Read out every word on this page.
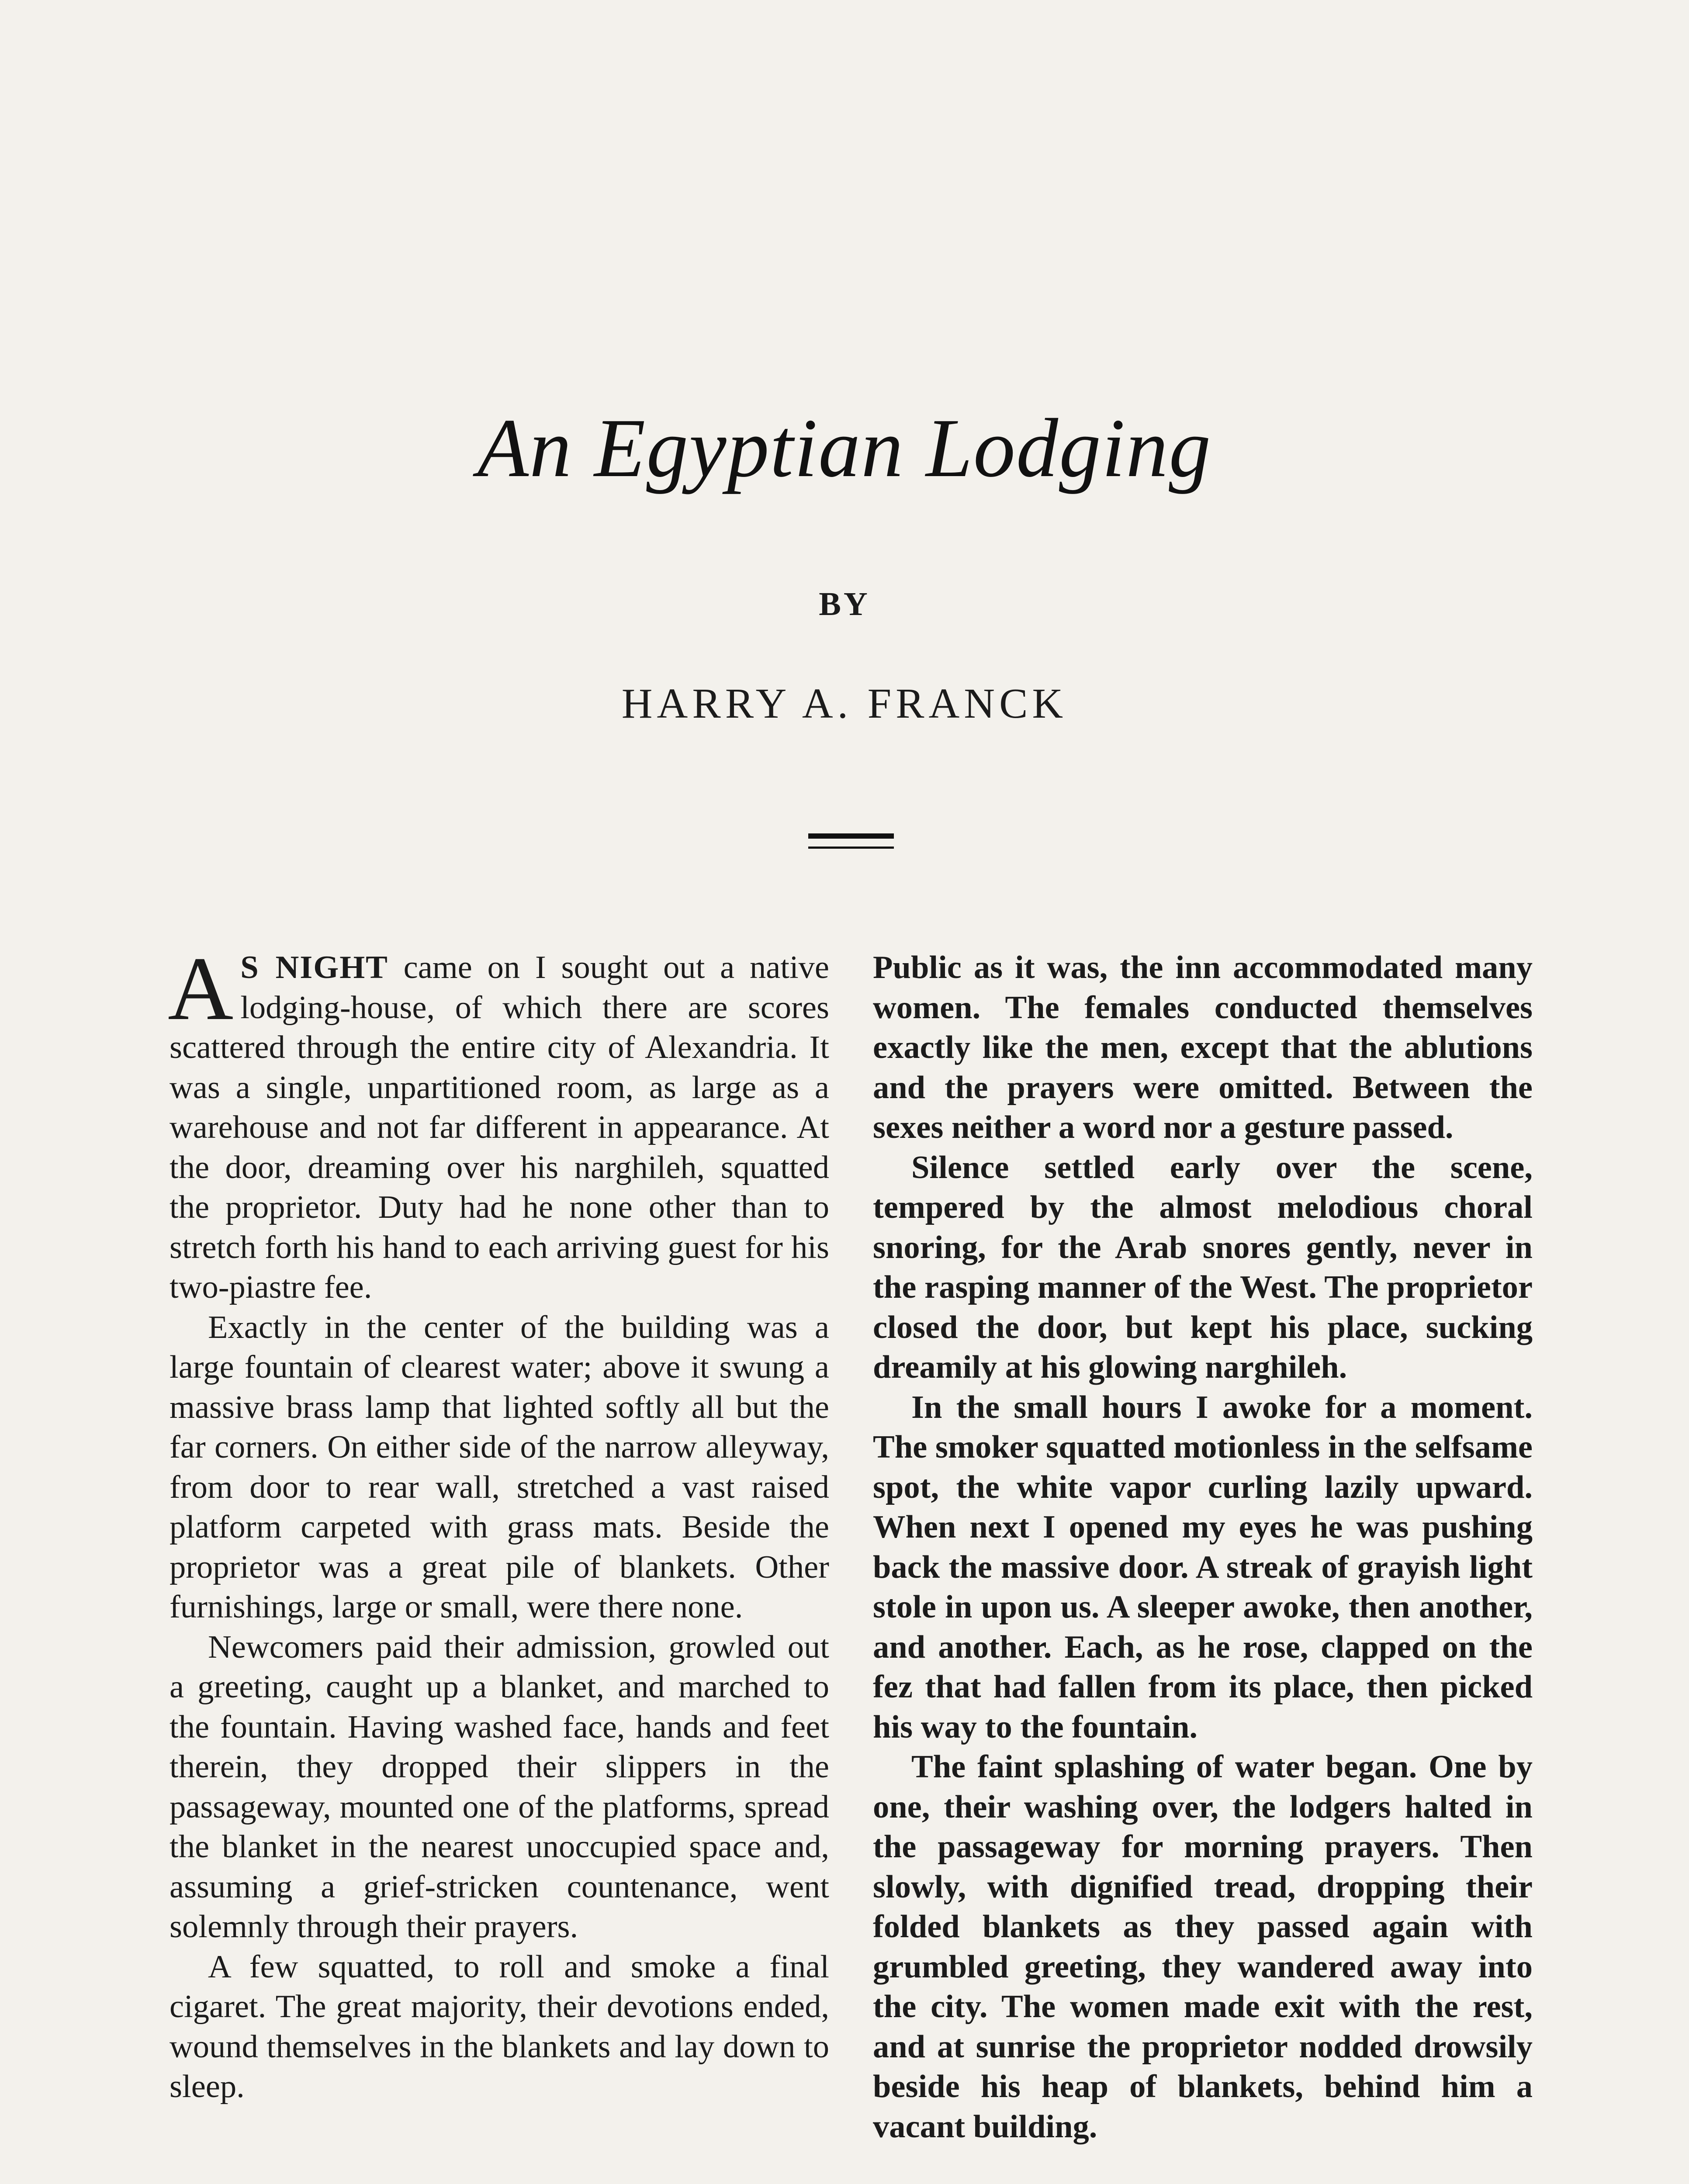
An Egyptian Lodging
BY
HARRY A. FRANCK

A S NIGHT came on I sought out a native lodging-house, of which there are scores scattered through the entire city of Alexandria. It was a single, unpartitioned room, as large as a warehouse and not far different in appearance. At the door, dreaming over his narghileh, squatted the proprietor. Duty had he none other than to stretch forth his hand to each arriving guest for his two-piastre fee.

Exactly in the center of the building was a large fountain of clearest water; above it swung a massive brass lamp that lighted softly all but the far corners. On either side of the narrow alleyway, from door to rear wall, stretched a vast raised platform carpeted with grass mats. Beside the proprietor was a great pile of blankets. Other furnishings, large or small, were there none.

Newcomers paid their admission, growled out a greeting, caught up a blanket, and marched to the fountain. Having washed face, hands and feet therein, they dropped their slippers in the passageway, mounted one of the platforms, spread the blanket in the nearest unoccupied space and, assuming a grief-stricken countenance, went solemnly through their prayers.

A few squatted, to roll and smoke a final cigaret. The great majority, their devotions ended, wound themselves in the blankets and lay down to sleep.

Public as it was, the inn accommodated many women. The females conducted themselves exactly like the men, except that the ablutions and the prayers were omitted. Between the sexes neither a word nor a gesture passed.

Silence settled early over the scene, tempered by the almost melodious choral snoring, for the Arab snores gently, never in the rasping manner of the West. The proprietor closed the door, but kept his place, sucking dreamily at his glowing narghileh.

In the small hours I awoke for a moment. The smoker squatted motionless in the selfsame spot, the white vapor curling lazily upward. When next I opened my eyes he was pushing back the massive door. A streak of grayish light stole in upon us. A sleeper awoke, then another, and another. Each, as he rose, clapped on the fez that had fallen from its place, then picked his way to the fountain.

The faint splashing of water began. One by one, their washing over, the lodgers halted in the passageway for morning prayers. Then slowly, with dignified tread, dropping their folded blankets as they passed again with grumbled greeting, they wandered away into the city. The women made exit with the rest, and at sunrise the proprietor nodded drowsily beside his heap of blankets, behind him a vacant building.
